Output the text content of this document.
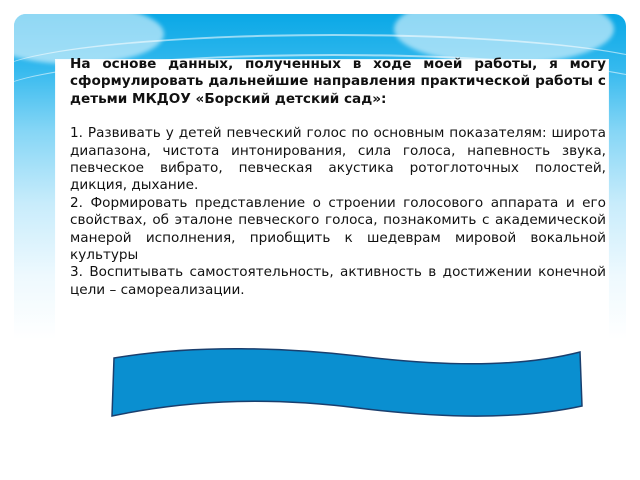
На основе данных, полученных в ходе моей работы, я могу сформулировать дальнейшие направления практической работы с детьми МКДОУ «Борский детский сад»:

1. Развивать у детей певческий голос по основным показателям: широта диапазона, чистота интонирования, сила голоса, напевность звука, певческое вибрато, певческая акустика ротоглоточных полостей, дикция, дыхание.

2. Формировать представление о строении голосового аппарата и его свойствах, об эталоне певческого голоса, познакомить с академической манерой исполнения, приобщить к шедеврам мировой вокальной культуры

3. Воспитывать самостоятельность, активность в достижении конечной цели – самореализации.
